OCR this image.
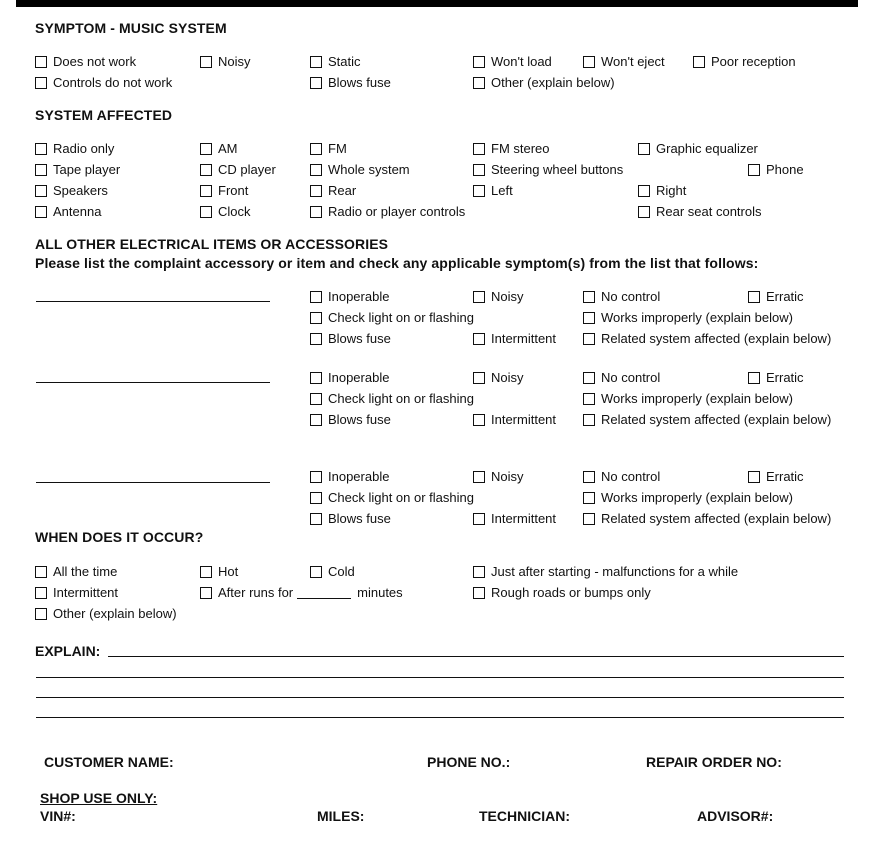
SYMPTOM - MUSIC SYSTEM
Does not work	Noisy	Static	Won't load	Won't eject	Poor reception
Controls do not work	Blows fuse	Other (explain below)
SYSTEM AFFECTED
Radio only	AM	FM	FM stereo	Graphic equalizer
Tape player	CD player	Whole system	Steering wheel buttons	Phone
Speakers	Front	Rear	Left	Right
Antenna	Clock	Radio or player controls	Rear seat controls
ALL OTHER ELECTRICAL ITEMS OR ACCESSORIES
Please list the complaint accessory or item and check any applicable symptom(s) from the list that follows:
Inoperable	Noisy	No control	Erratic
Check light on or flashing	Works improperly (explain below)
Blows fuse	Intermittent	Related system affected (explain below)
Inoperable	Noisy	No control	Erratic
Check light on or flashing	Works improperly (explain below)
Blows fuse	Intermittent	Related system affected (explain below)
Inoperable	Noisy	No control	Erratic
Check light on or flashing	Works improperly (explain below)
Blows fuse	Intermittent	Related system affected (explain below)
WHEN DOES IT OCCUR?
All the time	Hot	Cold	Just after starting - malfunctions for a while
Intermittent	After runs for	minutes	Rough roads or bumps only
Other (explain below)
EXPLAIN:
CUSTOMER NAME:	PHONE NO.:	REPAIR ORDER NO:
SHOP USE ONLY:
VIN#:	MILES:	TECHNICIAN:	ADVISOR#:
